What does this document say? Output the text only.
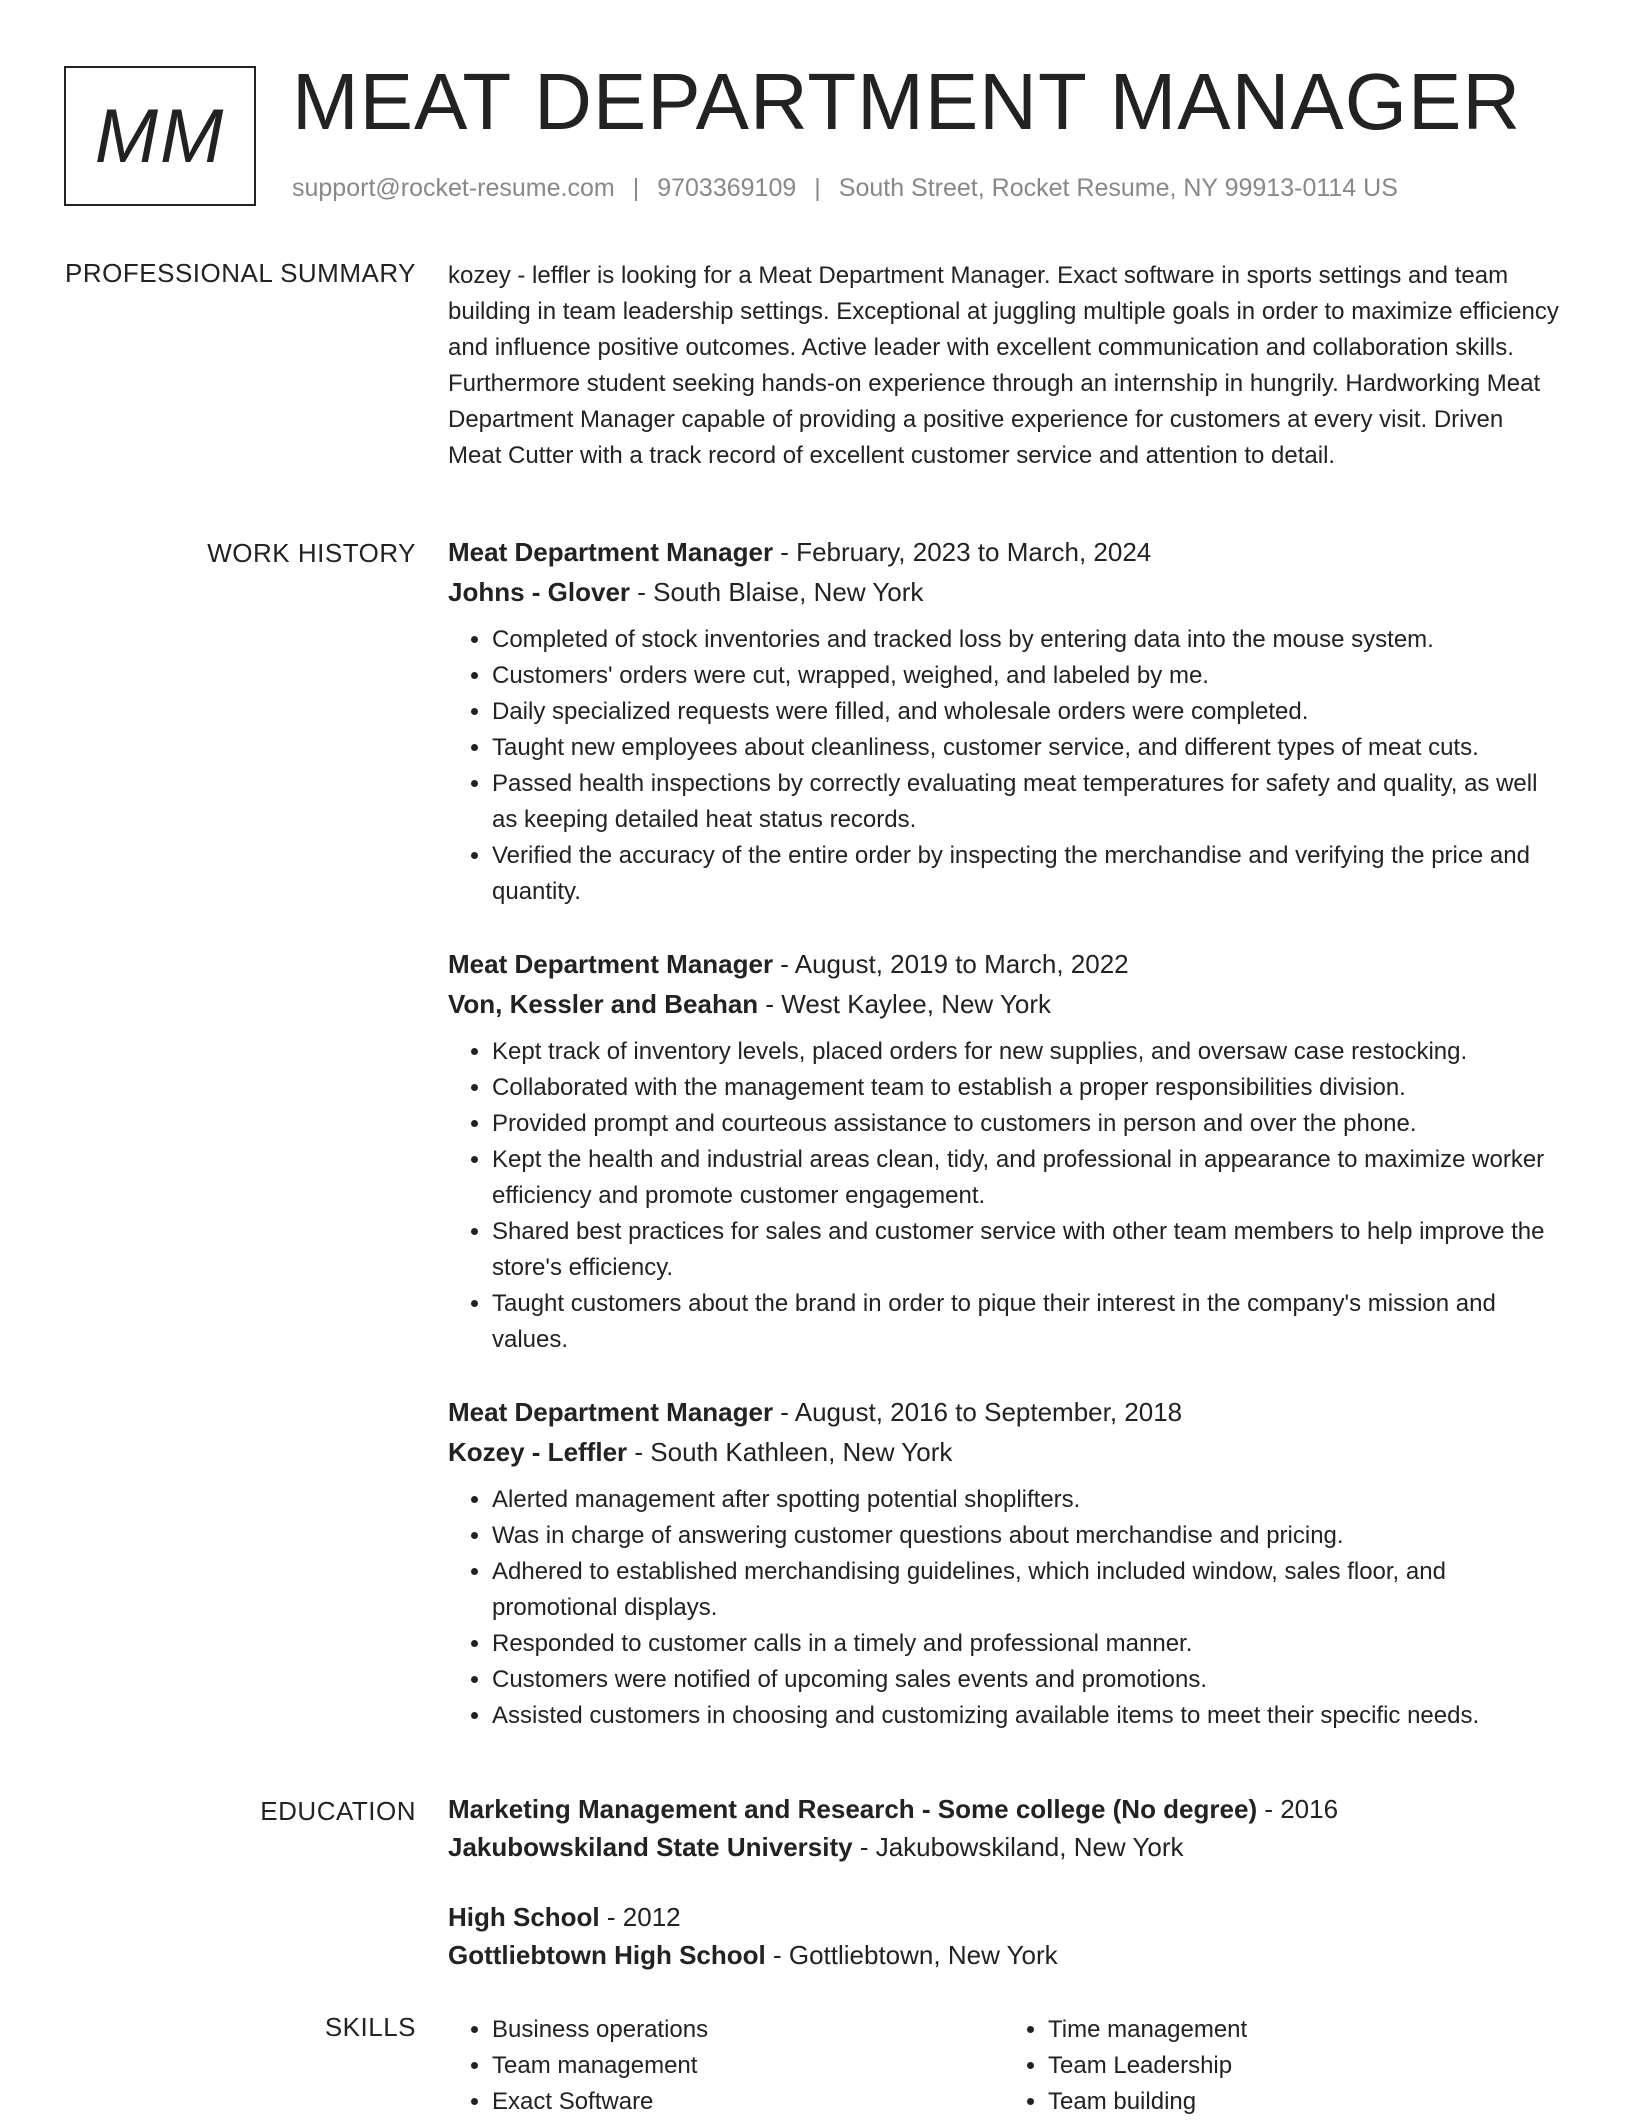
MM MEAT DEPARTMENT MANAGER
support@rocket-resume.com | 9703369109 | South Street, Rocket Resume, NY 99913-0114 US
PROFESSIONAL SUMMARY kozey - leffler is looking for a Meat Department Manager. Exact software in sports settings and team building in team leadership settings. Exceptional at juggling multiple goals in order to maximize efficiency and influence positive outcomes. Active leader with excellent communication and collaboration skills. Furthermore student seeking hands-on experience through an internship in hungrily. Hardworking Meat Department Manager capable of providing a positive experience for customers at every visit. Driven Meat Cutter with a track record of excellent customer service and attention to detail.

WORK HISTORY Meat Department Manager - February, 2023 to March, 2024
Johns - Glover - South Blaise, New York
• Completed of stock inventories and tracked loss by entering data into the mouse system.
• Customers' orders were cut, wrapped, weighed, and labeled by me.
• Daily specialized requests were filled, and wholesale orders were completed.
• Taught new employees about cleanliness, customer service, and different types of meat cuts.
• Passed health inspections by correctly evaluating meat temperatures for safety and quality, as well as keeping detailed heat status records.
• Verified the accuracy of the entire order by inspecting the merchandise and verifying the price and quantity.
Meat Department Manager - August, 2019 to March, 2022
Von, Kessler and Beahan - West Kaylee, New York
• Kept track of inventory levels, placed orders for new supplies, and oversaw case restocking.
• Collaborated with the management team to establish a proper responsibilities division.
• Provided prompt and courteous assistance to customers in person and over the phone.
• Kept the health and industrial areas clean, tidy, and professional in appearance to maximize worker efficiency and promote customer engagement.
• Shared best practices for sales and customer service with other team members to help improve the store's efficiency.
• Taught customers about the brand in order to pique their interest in the company's mission and values.
Meat Department Manager - August, 2016 to September, 2018
Kozey - Leffler - South Kathleen, New York
• Alerted management after spotting potential shoplifters.
• Was in charge of answering customer questions about merchandise and pricing.
• Adhered to established merchandising guidelines, which included window, sales floor, and promotional displays.
• Responded to customer calls in a timely and professional manner.
• Customers were notified of upcoming sales events and promotions.
• Assisted customers in choosing and customizing available items to meet their specific needs.
EDUCATION Marketing Management and Research - Some college (No degree) - 2016
Jakubowskiland State University - Jakubowskiland, New York
High School - 2012
Gottliebtown High School - Gottliebtown, New York
SKILLS
•	Business operations
• Team management
• Exact Software
• Time management
• Team Leadership
• Team building
